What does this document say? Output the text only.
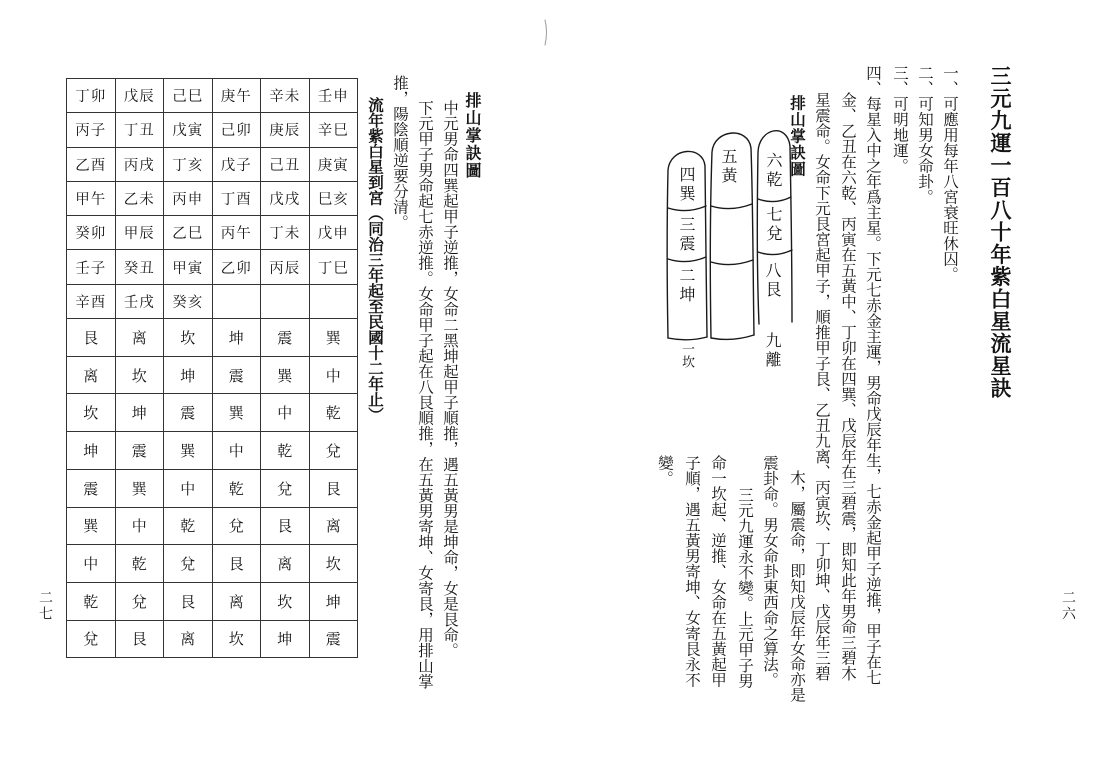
三元九運一百八十年紫白星流星訣
一、可應用每年八宮衰旺休囚。
二、可知男女命卦。
三、可明地運。
四、每星入中之年爲主星。下元七赤金主運，男命戊辰年生，七赤金起甲子逆推，甲子在七
金、乙丑在六乾、丙寅在五黃中、丁卯在四巽、戊辰年在三碧震，即知此年男命三碧木
星震命。女命下元艮宮起甲子，順推甲子艮、乙丑九离、丙寅坎、丁卯坤、戊辰年三碧
木，屬震命，即知戊辰年女命亦是
震卦命。男女命卦東西命之算法。
三元九運永不變。上元甲子男
命一坎起、逆推、女命在五黃起甲
子順，遇五黃男寄坤、女寄艮永不
變。
排山掌訣圖
六乾
七兌
八艮
九離
五黃
四巽
三震
二坤
一坎
二六
排山掌訣圖
中元男命四巽起甲子逆推，女命二黑坤起甲子順推，遇五黃男是坤命，女是艮命。
下元甲子男命起七赤逆推。女命甲子起在八艮順推，在五黃男寄坤、女寄艮，用排山掌
推，陽陰順逆要分清。
流年紫白星到宮（同治三年起至民國十二年止）
丁卯	戊辰	己巳	庚午	辛未	壬申
丙子	丁丑	戊寅	己卯	庚辰	辛巳
乙酉	丙戌	丁亥	戊子	己丑	庚寅
甲午	乙未	丙申	丁酉	戊戌	巳亥
癸卯	甲辰	乙巳	丙午	丁未	戊申
壬子	癸丑	甲寅	乙卯	丙辰	丁巳
辛酉	壬戌	癸亥			
艮	离	坎	坤	震	巽
离	坎	坤	震	巽	中
坎	坤	震	巽	中	乾
坤	震	巽	中	乾	兌
震	巽	中	乾	兌	艮
巽	中	乾	兌	艮	离
中	乾	兌	艮	离	坎
乾	兌	艮	离	坎	坤
兌	艮	离	坎	坤	震
二七
